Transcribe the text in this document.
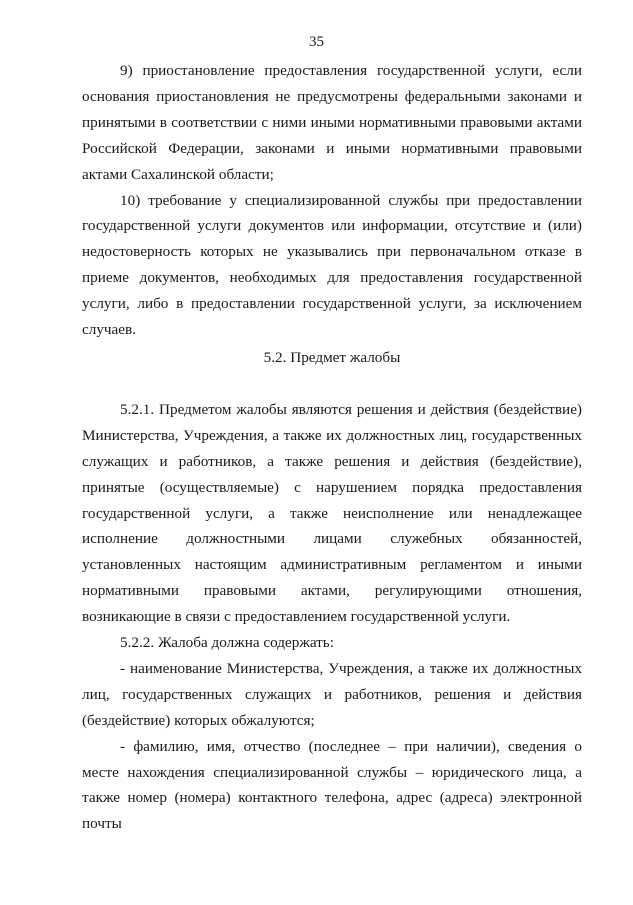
35

9) приостановление предоставления государственной услуги, если основания приостановления не предусмотрены федеральными законами и принятыми в соответствии с ними иными нормативными правовыми актами Российской Федерации, законами и иными нормативными правовыми актами Сахалинской области;

10) требование у специализированной службы при предоставлении государственной услуги документов или информации, отсутствие и (или) недостоверность которых не указывались при первоначальном отказе в приеме документов, необходимых для предоставления государственной услуги, либо в предоставлении государственной услуги, за исключением случаев.

5.2. Предмет жалобы

5.2.1. Предметом жалобы являются решения и действия (бездействие) Министерства, Учреждения, а также их должностных лиц, государственных служащих и работников, а также решения и действия (бездействие), принятые (осуществляемые) с нарушением порядка предоставления государственной услуги, а также неисполнение или ненадлежащее исполнение должностными лицами служебных обязанностей, установленных настоящим административным регламентом и иными нормативными правовыми актами, регулирующими отношения, возникающие в связи с предоставлением государственной услуги.

5.2.2. Жалоба должна содержать:

- наименование Министерства, Учреждения, а также их должностных лиц, государственных служащих и работников, решения и действия (бездействие) которых обжалуются;

- фамилию, имя, отчество (последнее – при наличии), сведения о месте нахождения специализированной службы – юридического лица, а также номер (номера) контактного телефона, адрес (адреса) электронной почты
